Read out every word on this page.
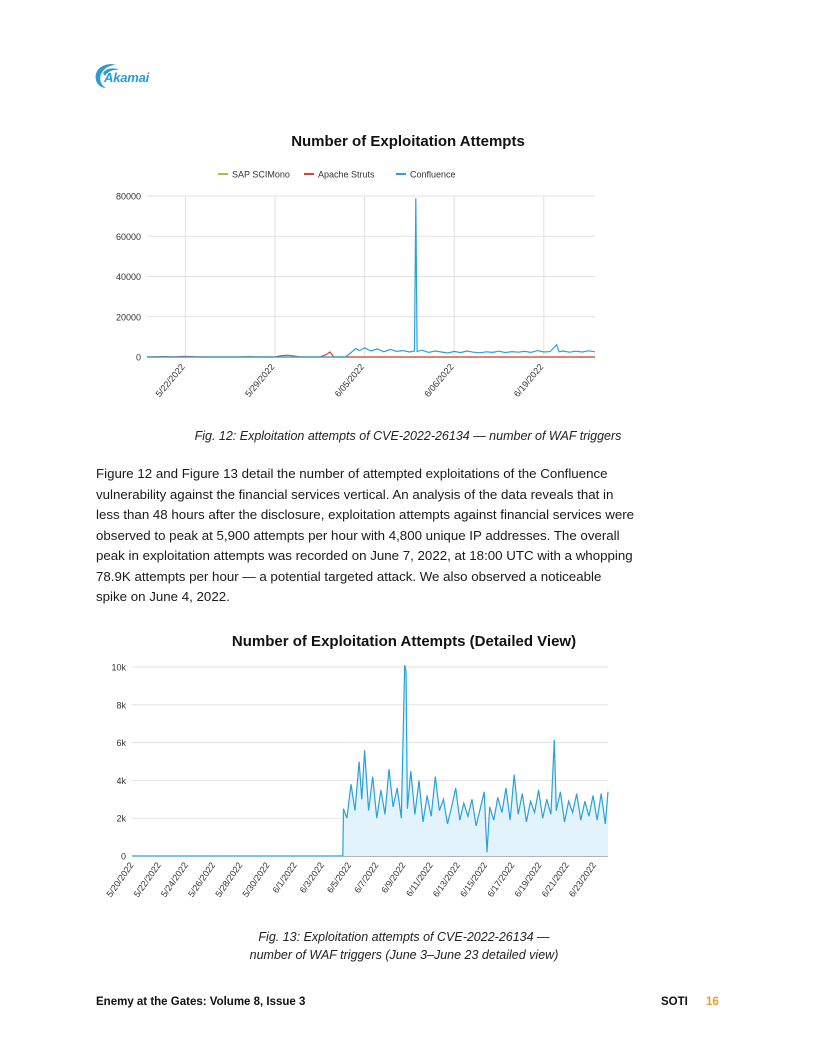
Akamai
Number of Exploitation Attempts
SAP SCIMono	Apache Struts	Confluence
0
20000
40000
60000
80000
5/22/2022	5/29/2022	6/05/2022	6/06/2022	6/19/2022
Fig. 12: Exploitation attempts of CVE-2022-26134 — number of WAF triggers

Figure 12 and Figure 13 detail the number of attempted exploitations of the Confluence vulnerability against the financial services vertical. An analysis of the data reveals that in less than 48 hours after the disclosure, exploitation attempts against financial services were observed to peak at 5,900 attempts per hour with 4,800 unique IP addresses. The overall peak in exploitation attempts was recorded on June 7, 2022, at 18:00 UTC with a whopping 78.9K attempts per hour — a potential targeted attack. We also observed a noticeable spike on June 4, 2022.

Number of Exploitation Attempts (Detailed View)
0
2k
4k
6k
8k
10k
5/20/2022
5/22/2022
5/24/2022
5/26/2022
5/28/2022
5/30/2022
6/1/2022
6/3/2022
6/5/2022
6/7/2022
6/9/2022
6/11/2022
6/13/2022
6/15/2022
6/17/2022
6/19/2022
6/21/2022
6/23/2022
Fig. 13: Exploitation attempts of CVE-2022-26134 —
number of WAF triggers (June 3–June 23 detailed view)
Enemy at the Gates: Volume 8, Issue 3	SOTI 16
